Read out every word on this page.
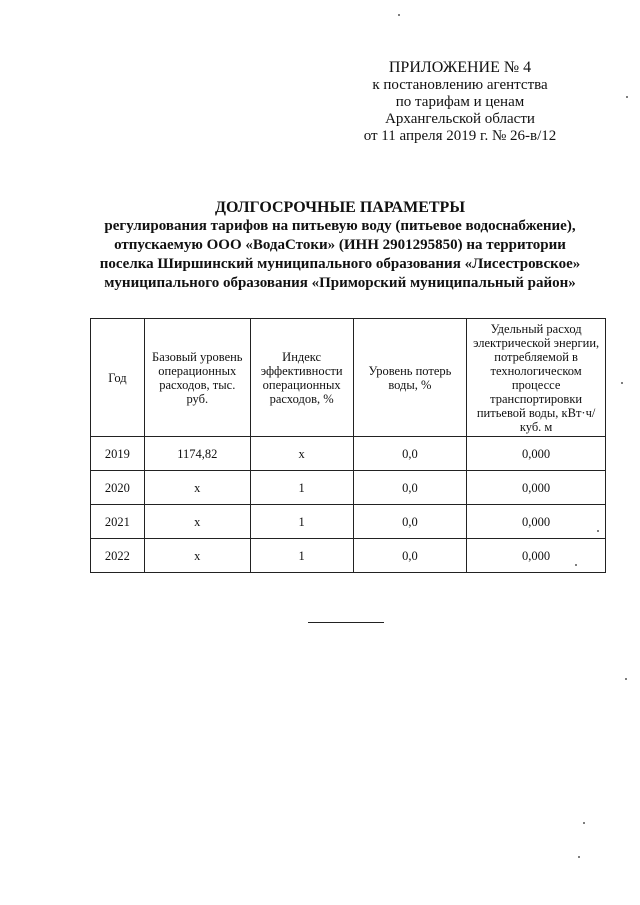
ПРИЛОЖЕНИЕ № 4
к постановлению агентства
по тарифам и ценам
Архангельской области
от 11 апреля 2019 г. № 26-в/12
ДОЛГОСРОЧНЫЕ ПАРАМЕТРЫ
регулирования тарифов на питьевую воду (питьевое водоснабжение),
отпускаемую ООО «ВодаСтоки» (ИНН 2901295850) на территории
поселка Ширшинский муниципального образования «Лисестровское»
муниципального образования «Приморский муниципальный район»
Год	Базовый уровень операционных расходов, тыс. руб.	Индекс эффективности операционных расходов, %	Уровень потерь воды, %	Удельный расход электрической энергии, потребляемой в технологическом процессе транспортировки питьевой воды, кВт·ч/куб. м
2019	1174,82	x	0,0	0,000
2020	x	1	0,0	0,000
2021	x	1	0,0	0,000
2022	x	1	0,0	0,000
